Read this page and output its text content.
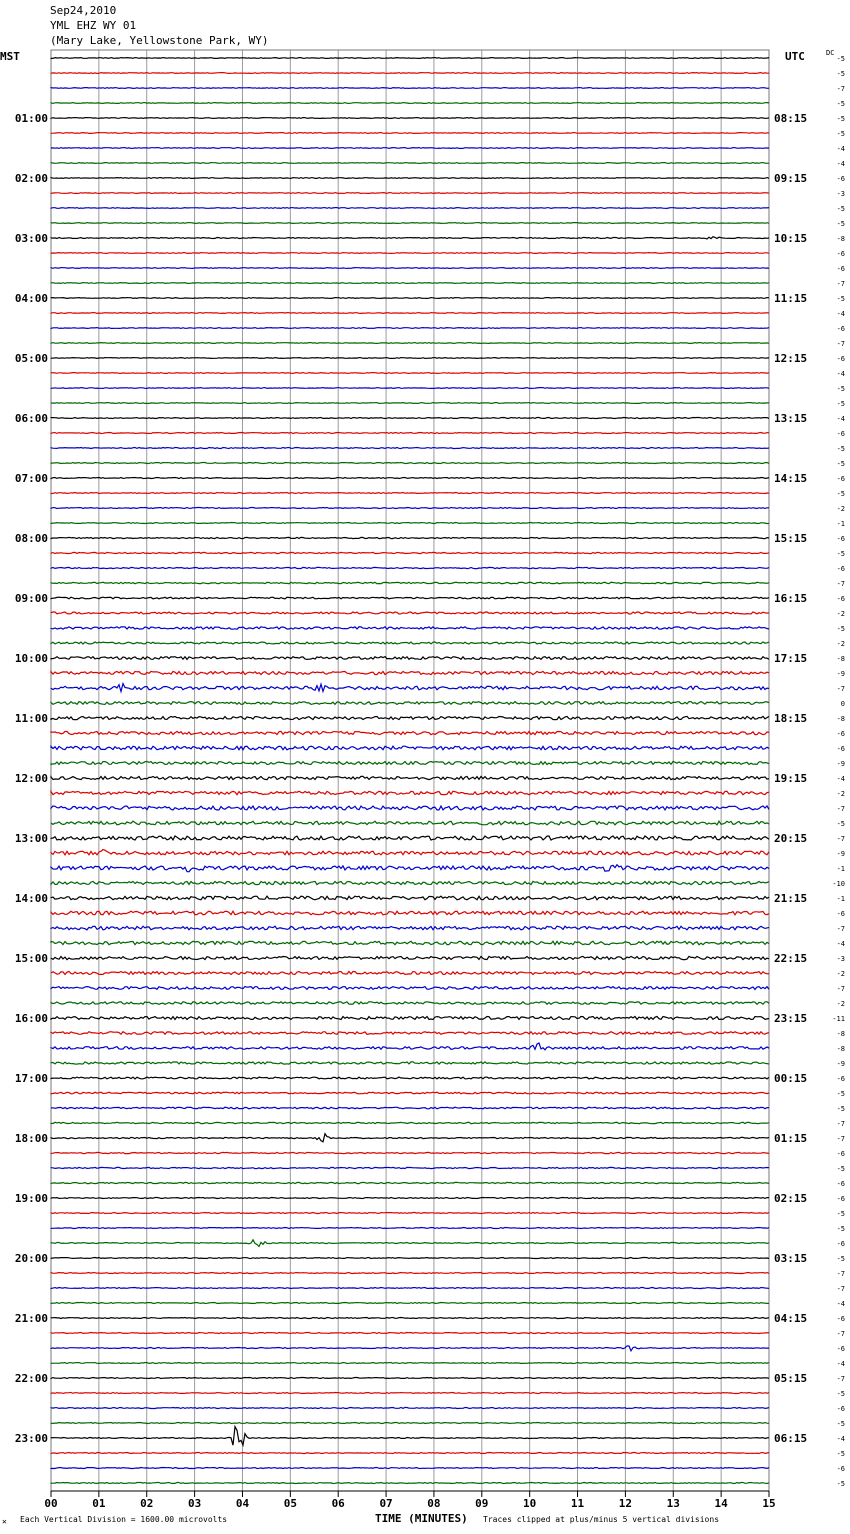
Sep24,2010
YML EHZ WY 01
(Mary Lake, Yellowstone Park, WY)
MST	UTC	DC
-5
-5
-7
-5
-5
-5
-4
-4
-6
-3
-5
-5
-8
-6
-6
-7
-5
-4
-6
-7
-6
-4
-5
-5
-4
-6
-5
-5
-6
-5
-2
-1
-6
-5
-6
-7
-6
-2
-5
-2
-8
-9
-7
0
-8
-6
-6
-9
-4
-2
-7
-5
-7
-9
-1
-10
-1
-6
-7
-4
-3
-2
-7
-2
-11
-8
-8
-9
-6
-5
-5
-7
-7
-6
-5
-6
-6
-5
-5
-6
-5
-7
-7
-4
-6
-7
-6
-4
-7
-5
-6
-5
-4
-5
-6
-5
01:00
02:00
03:00
04:00
05:00
06:00
07:00
08:00
09:00
10:00
11:00
12:00
13:00
14:00
15:00
16:00
17:00
18:00
19:00
20:00
21:00
22:00
23:00
08:15
09:15
10:15
11:15
12:15
13:15
14:15
15:15
16:15
17:15
18:15
19:15
20:15
21:15
22:15
23:15
00:15
01:15
02:15
03:15
04:15
05:15
06:15
00	01	02	03	04	05	06	07	08	09	10	11	12	13	14	15
✕ Each Vertical Division = 1600.00 microvolts	TIME (MINUTES) Traces clipped at plus/minus 5 vertical divisions
